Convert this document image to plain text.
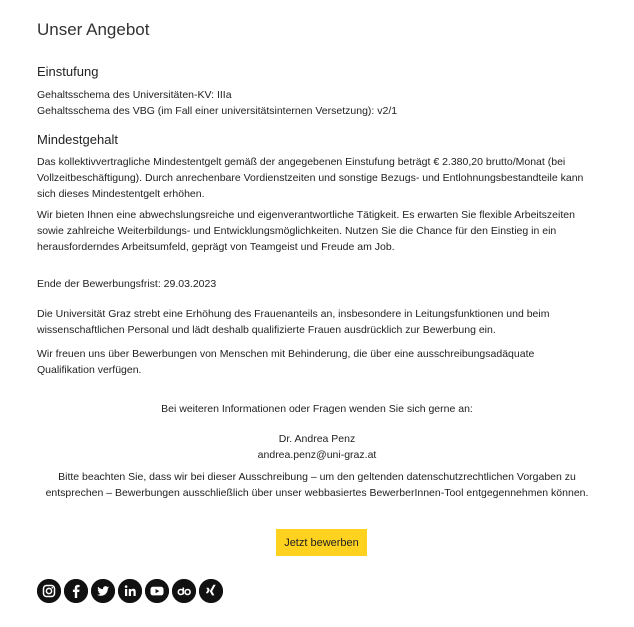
Unser Angebot
Einstufung

Gehaltsschema des Universitäten-KV: IIIa
Gehaltsschema des VBG (im Fall einer universitätsinternen Versetzung): v2/1

Mindestgehalt

Das kollektivvertragliche Mindestentgelt gemäß der angegebenen Einstufung beträgt € 2.380,20 brutto/Monat (bei
Vollzeitbeschäftigung). Durch anrechenbare Vordienstzeiten und sonstige Bezugs- und Entlohnungsbestandteile kann
sich dieses Mindestentgelt erhöhen.

Wir bieten Ihnen eine abwechslungsreiche und eigenverantwortliche Tätigkeit. Es erwarten Sie flexible Arbeitszeiten
sowie zahlreiche Weiterbildungs- und Entwicklungsmöglichkeiten. Nutzen Sie die Chance für den Einstieg in ein
herausforderndes Arbeitsumfeld, geprägt von Teamgeist und Freude am Job.

Ende der Bewerbungsfrist: 29.03.2023

Die Universität Graz strebt eine Erhöhung des Frauenanteils an, insbesondere in Leitungsfunktionen und beim
wissenschaftlichen Personal und lädt deshalb qualifizierte Frauen ausdrücklich zur Bewerbung ein.

Wir freuen uns über Bewerbungen von Menschen mit Behinderung, die über eine ausschreibungsadäquate
Qualifikation verfügen.

Bei weiteren Informationen oder Fragen wenden Sie sich gerne an:

Dr. Andrea Penz
andrea.penz@uni-graz.at

Bitte beachten Sie, dass wir bei dieser Ausschreibung – um den geltenden datenschutzrechtlichen Vorgaben zu
entsprechen – Bewerbungen ausschließlich über unser webbasiertes BewerberInnen-Tool entgegennehmen können.

Jetzt bewerben
